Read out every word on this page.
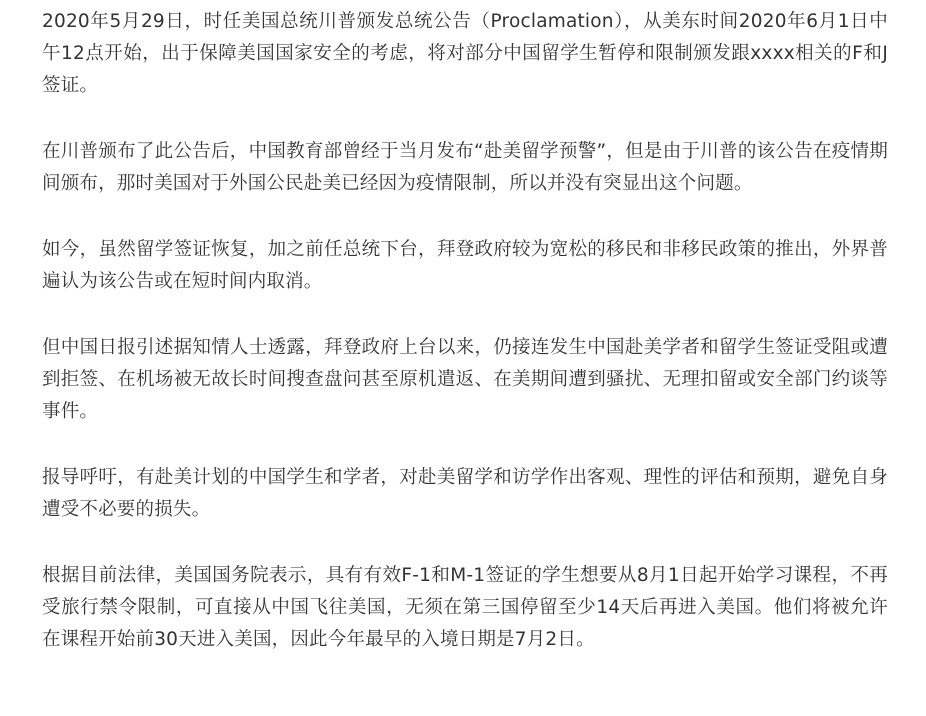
2020年5月29日，时任美国总统川普颁发总统公告（Proclamation），从美东时间2020年6月1日中午12点开始，出于保障美国国家安全的考虑，将对部分中国留学生暂停和限制颁发跟xxxx相关的F和J签证。

在川普颁布了此公告后，中国教育部曾经于当月发布“赴美留学预警”，但是由于川普的该公告在疫情期间颁布，那时美国对于外国公民赴美已经因为疫情限制，所以并没有突显出这个问题。

如今，虽然留学签证恢复，加之前任总统下台，拜登政府较为宽松的移民和非移民政策的推出，外界普遍认为该公告或在短时间内取消。

但中国日报引述据知情人士透露，拜登政府上台以来，仍接连发生中国赴美学者和留学生签证受阻或遭到拒签、在机场被无故长时间搜查盘问甚至原机遣返、在美期间遭到骚扰、无理扣留或安全部门约谈等事件。

报导呼吁，有赴美计划的中国学生和学者，对赴美留学和访学作出客观、理性的评估和预期，避免自身遭受不必要的损失。

根据目前法律，美国国务院表示，具有有效F-1和M-1签证的学生想要从8月1日起开始学习课程，不再受旅行禁令限制，可直接从中国飞往美国，无须在第三国停留至少14天后再进入美国。他们将被允许在课程开始前30天进入美国，因此今年最早的入境日期是7月2日。
